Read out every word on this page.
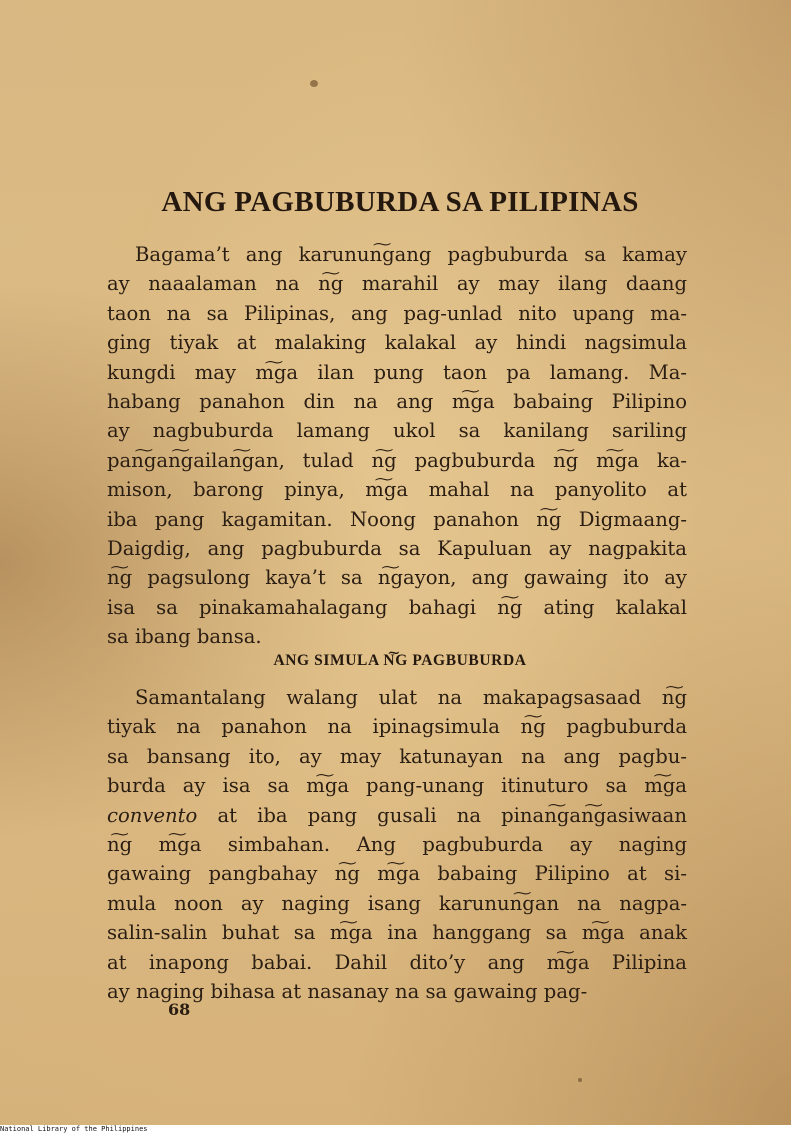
ANG PAGBUBURDA SA PILIPINAS
Bagama’t ang karunun͠gang pagbuburda sa kamay
ay naaalaman na n͠g marahil ay may ilang daang
taon na sa Pilipinas, ang pag-unlad nito upang ma-
ging tiyak at malaking kalakal ay hindi nagsimula
kungdi may m͠ga ilan pung taon pa lamang. Ma-
habang panahon din na ang m͠ga babaing Pilipino
ay nagbuburda lamang ukol sa kanilang sariling
pan͠gan͠gailan͠gan, tulad n͠g pagbuburda n͠g m͠ga ka-
mison, barong pinya, m͠ga mahal na panyolito at
iba pang kagamitan. Noong panahon n͠g Digmaang-
Daigdig, ang pagbuburda sa Kapuluan ay nagpakita
n͠g pagsulong kaya’t sa n͠gayon, ang gawaing ito ay
isa sa pinakamahalagang bahagi n͠g ating kalakal
sa ibang bansa.
ANG SIMULA N͠G PAGBUBURDA
Samantalang walang ulat na makapagsasaad n͠g
tiyak na panahon na ipinagsimula n͠g pagbuburda
sa bansang ito, ay may katunayan na ang pagbu-
burda ay isa sa m͠ga pang-unang itinuturo sa m͠ga
convento at iba pang gusali na pinan͠gan͠gasiwaan
n͠g m͠ga simbahan. Ang pagbuburda ay naging
gawaing pangbahay n͠g m͠ga babaing Pilipino at si-
mula noon ay naging isang karunun͠gan na nagpa-
salin-salin buhat sa m͠ga ina hanggang sa m͠ga anak
at inapong babai. Dahil dito’y ang m͠ga Pilipina
ay naging bihasa at nasanay na sa gawaing pag-
68
National Library of the Philippines
